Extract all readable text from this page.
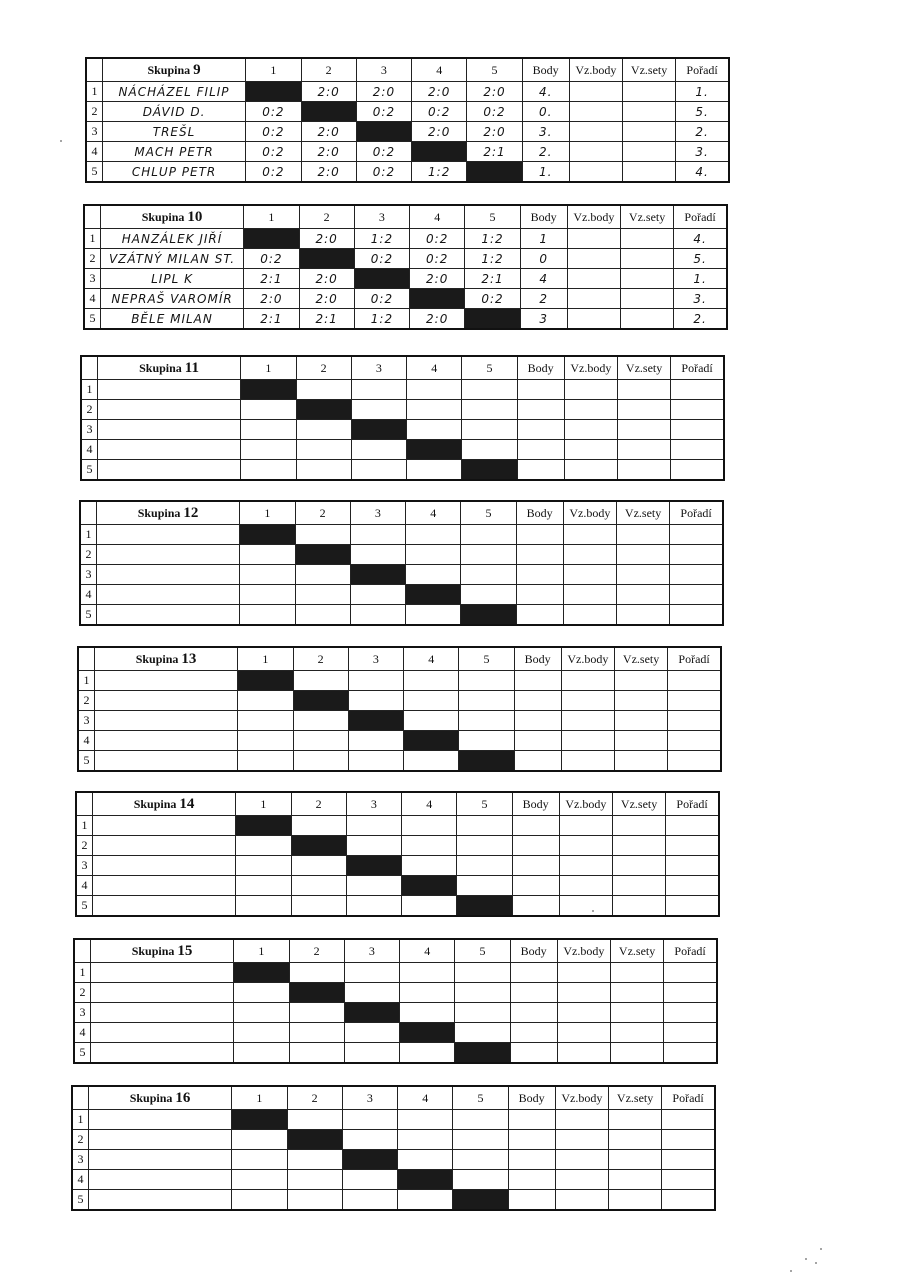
	Skupina 9	1	2	3	4	5	Body	Vz.body	Vz.sety	Pořadí
1	NÁCHÁZEL FILIP		2:0	2:0	2:0	2:0	4.			1.
2	DÁVID D.	0:2		0:2	0:2	0:2	0.			5.
3	TREŠL	0:2	2:0		2:0	2:0	3.			2.
4	MACH PETR	0:2	2:0	0:2		2:1	2.			3.
5	CHLUP PETR	0:2	2:0	0:2	1:2		1.			4.
	Skupina 10	1	2	3	4	5	Body	Vz.body	Vz.sety	Pořadí
1	HANZÁLEK JIŘÍ		2:0	1:2	0:2	1:2	1			4.
2	VZÁTNÝ MILAN ST.	0:2		0:2	0:2	1:2	0			5.
3	LIPL K	2:1	2:0		2:0	2:1	4			1.
4	NEPRAŠ VAROMÍR	2:0	2:0	0:2		0:2	2			3.
5	BĚLE MILAN	2:1	2:1	1:2	2:0		3			2.
	Skupina 11	1	2	3	4	5	Body	Vz.body	Vz.sety	Pořadí
1										
2										
3										
4										
5										
	Skupina 12	1	2	3	4	5	Body	Vz.body	Vz.sety	Pořadí
1										
2										
3										
4										
5										
	Skupina 13	1	2	3	4	5	Body	Vz.body	Vz.sety	Pořadí
1										
2										
3										
4										
5										
	Skupina 14	1	2	3	4	5	Body	Vz.body	Vz.sety	Pořadí
1										
2										
3										
4										
5										
	Skupina 15	1	2	3	4	5	Body	Vz.body	Vz.sety	Pořadí
1										
2										
3										
4										
5										
	Skupina 16	1	2	3	4	5	Body	Vz.body	Vz.sety	Pořadí
1										
2										
3										
4										
5										
